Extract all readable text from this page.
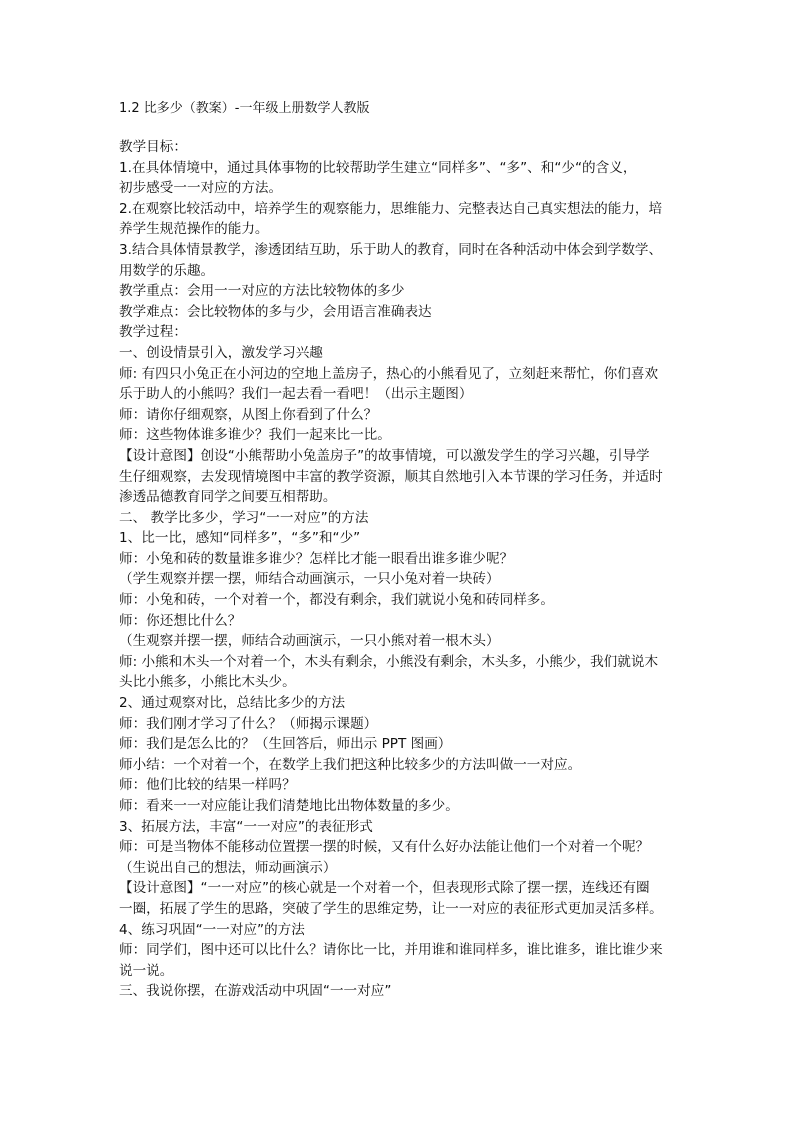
1.2 比多少（教案）-一年级上册数学人教版
教学目标：
1.在具体情境中，通过具体事物的比较帮助学生建立“同样多”、“多”、和“少“的含义，
初步感受一一对应的方法。
2.在观察比较活动中，培养学生的观察能力，思维能力、完整表达自己真实想法的能力，培
养学生规范操作的能力。
3.结合具体情景教学，渗透团结互助，乐于助人的教育，同时在各种活动中体会到学数学、
用数学的乐趣。
教学重点：会用一一对应的方法比较物体的多少
教学难点：会比较物体的多与少，会用语言准确表达
教学过程：
一、创设情景引入，激发学习兴趣
师: 有四只小兔正在小河边的空地上盖房子，热心的小熊看见了，立刻赶来帮忙，你们喜欢
乐于助人的小熊吗？我们一起去看一看吧！（出示主题图）
师：请你仔细观察，从图上你看到了什么？
师：这些物体谁多谁少？我们一起来比一比。
【设计意图】创设“小熊帮助小兔盖房子”的故事情境，可以激发学生的学习兴趣，引导学
生仔细观察，去发现情境图中丰富的教学资源，顺其自然地引入本节课的学习任务，并适时
渗透品德教育同学之间要互相帮助。
二、 教学比多少，学习“一一对应”的方法
1、比一比，感知“同样多”，“多”和“少”
师：小兔和砖的数量谁多谁少？怎样比才能一眼看出谁多谁少呢？
（学生观察并摆一摆，师结合动画演示，一只小兔对着一块砖）
师：小兔和砖，一个对着一个，都没有剩余，我们就说小兔和砖同样多。
师：你还想比什么？
（生观察并摆一摆，师结合动画演示，一只小熊对着一根木头）
师: 小熊和木头一个对着一个，木头有剩余，小熊没有剩余，木头多，小熊少，我们就说木
头比小熊多，小熊比木头少。
2、通过观察对比，总结比多少的方法
师：我们刚才学习了什么？（师揭示课题）
师：我们是怎么比的？（生回答后，师出示 PPT 图画）
师小结：一个对着一个，在数学上我们把这种比较多少的方法叫做一一对应。
师：他们比较的结果一样吗？
师：看来一一对应能让我们清楚地比出物体数量的多少。
3、拓展方法，丰富“一一对应”的表征形式
师：可是当物体不能移动位置摆一摆的时候，又有什么好办法能让他们一个对着一个呢？
（生说出自己的想法，师动画演示）
【设计意图】“一一对应”的核心就是一个对着一个，但表现形式除了摆一摆，连线还有圈
一圈，拓展了学生的思路，突破了学生的思维定势，让一一对应的表征形式更加灵活多样。
4、练习巩固“一一对应”的方法
师：同学们，图中还可以比什么？请你比一比，并用谁和谁同样多，谁比谁多，谁比谁少来
说一说。
三、我说你摆，在游戏活动中巩固“一一对应”
